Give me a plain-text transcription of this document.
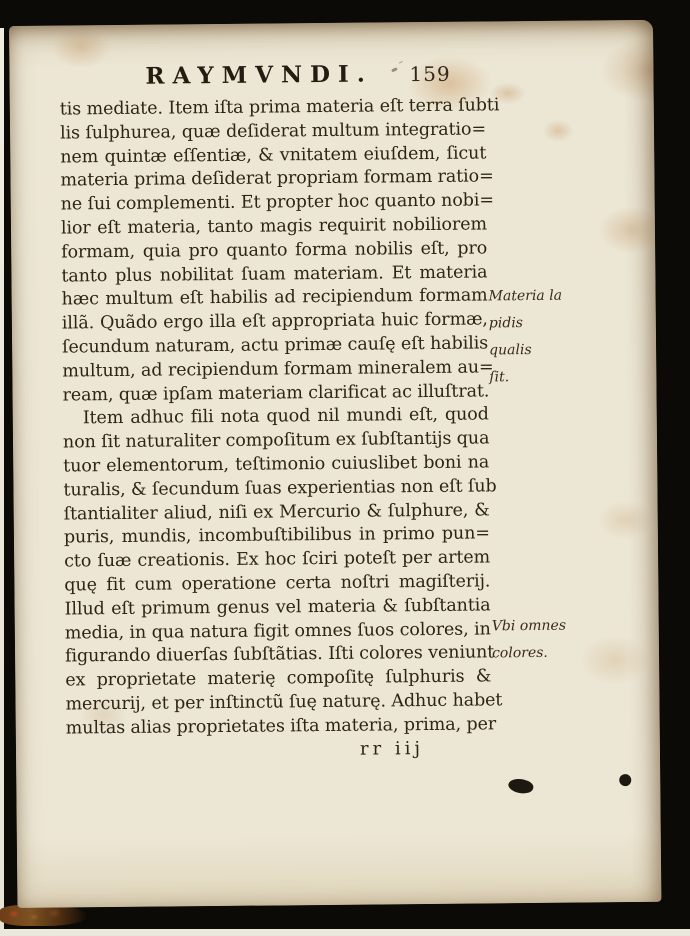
RAYMVNDI. 159
tis mediate. Item iſta prima materia eſt terra ſubti
lis ſulphurea, quæ deſiderat multum integratio=
nem quintæ eſſentiæ, & vnitatem eiuſdem, ſicut
materia prima deſiderat propriam formam ratio=
ne ſui complementi. Et propter hoc quanto nobi=
lior eſt materia, tanto magis requirit nobiliorem
formam, quia pro quanto forma nobilis eſt, pro
tanto plus nobilitat ſuam materiam. Et materia
hæc multum eſt habilis ad recipiendum formam
illã. Quãdo ergo illa eſt appropriata huic formæ,
ſecundum naturam, actu primæ cauſę eſt habilis
multum, ad recipiendum formam mineralem au=
ream, quæ ipſam materiam clarificat ac illuſtrat.
Item adhuc fili nota quod nil mundi eſt, quod
non ſit naturaliter compoſitum ex ſubſtantijs qua
tuor elementorum, teſtimonio cuiuslibet boni na
turalis, & ſecundum ſuas experientias non eſt ſub
ſtantialiter aliud, niſi ex Mercurio & ſulphure, &
puris, mundis, incombuſtibilibus in primo pun=
cto ſuæ creationis. Ex hoc ſciri poteſt per artem
quę fit cum operatione certa noſtri magiſterij.
Illud eſt primum genus vel materia & ſubſtantia
media, in qua natura figit omnes ſuos colores, in
figurando diuerſas ſubſtãtias. Iſti colores veniunt
ex proprietate materię compoſitę ſulphuris &
mercurij, et per inſtinctũ ſuę naturę. Adhuc habet
multas alias proprietates iſta materia, prima, per
Materia la
pidis qualis
ſit.
Vbi omnes
colores.
rr iij
